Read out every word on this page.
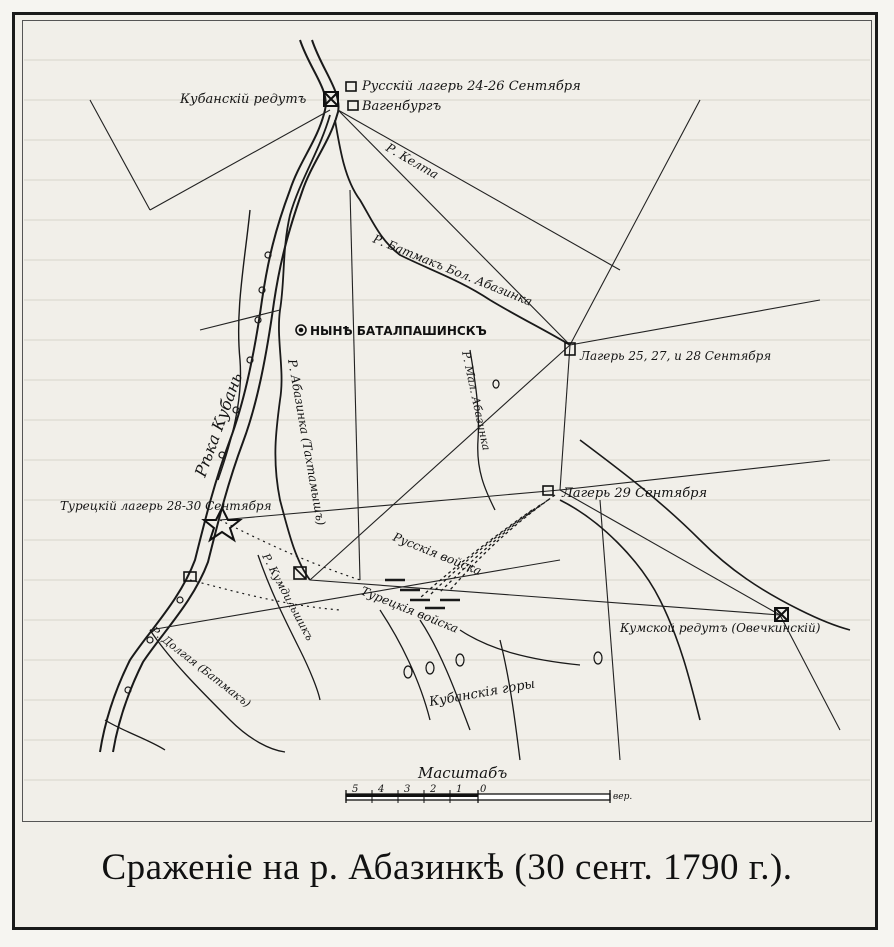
Русскій лагерь 24-26 Сентября
Кубанскій редутъ	Вагенбургъ
Р. Келта
Р. Батмакъ Бол. Абазинка
НЫНѢ БАТАЛПАШИНСКЪ
Лагерь 25, 27, и 28 Сентября
Р. Мал. Абазинка
Р. Абазинка (Тахтамышъ)
Рѣка Кубань
Турецкій лагерь 28-30 Сентября
Лагерь 29 Сентября
Русскія войска
Турецкія войска
Р. Кумдильшикъ	Кумской редутъ (Овечкинскій)
Кубанскія горы
Р. Долгая (Батмакъ)
Масштабъ
5 4 3 2 1 0
вер.
Сраженіе на р. Абазинкѣ (30 сент. 1790 г.).
